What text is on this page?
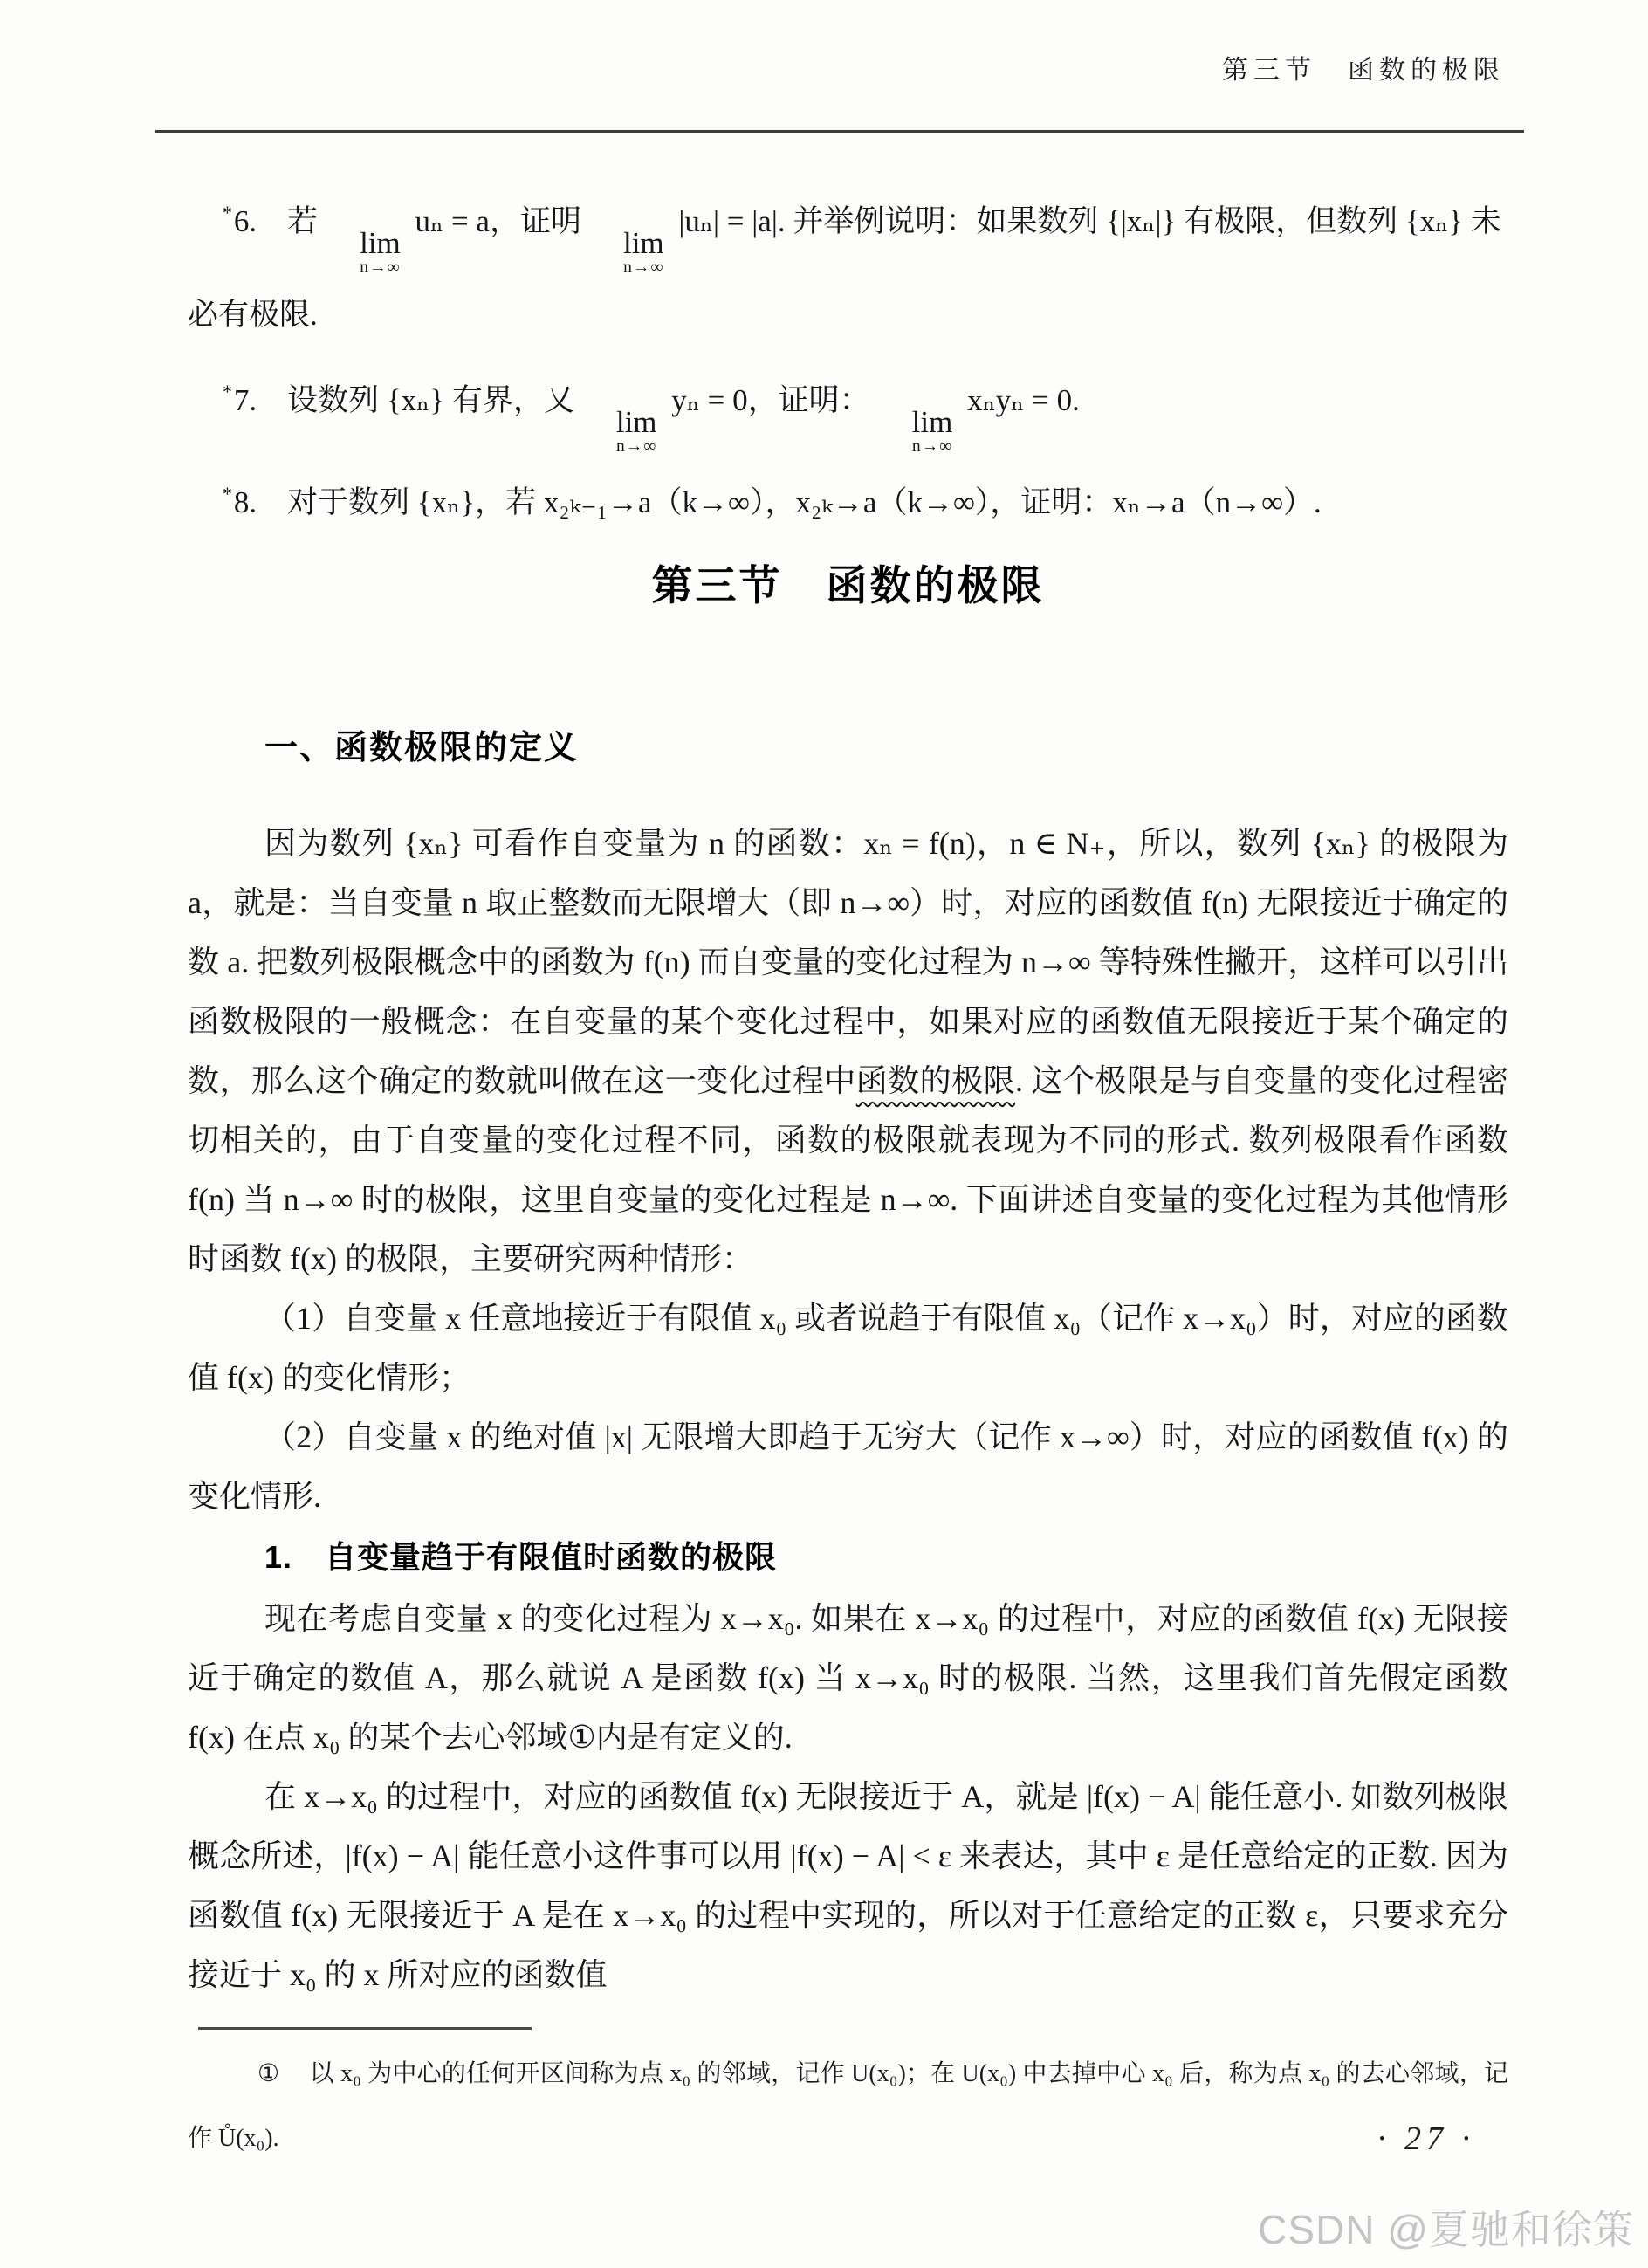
第三节　函数的极限

*6.　若
lim
n→∞
uₙ = a，证明
lim
n→∞
|uₙ| = |a|. 并举例说明：如果数列 {|xₙ|} 有极限，但数列 {xₙ} 未
必有极限.

*7.　设数列 {xₙ} 有界，又
lim
n→∞
yₙ = 0，证明：
lim
n→∞
xₙyₙ = 0.

*8.　对于数列 {xₙ}，若 x₂ₖ₋₁→a（k→∞），x₂ₖ→a（k→∞），证明：xₙ→a（n→∞）.

第三节　函数的极限
一、函数极限的定义

因为数列 {xₙ} 可看作自变量为 n 的函数：xₙ = f(n)，n ∈ N₊，所以，数列 {xₙ} 的极限为 a，就是：当自变量 n 取正整数而无限增大（即 n→∞）时，对应的函数值 f(n) 无限接近于确定的数 a. 把数列极限概念中的函数为 f(n) 而自变量的变化过程为 n→∞ 等特殊性撇开，这样可以引出函数极限的一般概念：在自变量的某个变化过程中，如果对应的函数值无限接近于某个确定的数，那么这个确定的数就叫做在这一变化过程中函数的极限. 这个极限是与自变量的变化过程密切相关的，由于自变量的变化过程不同，函数的极限就表现为不同的形式. 数列极限看作函数 f(n) 当 n→∞ 时的极限，这里自变量的变化过程是 n→∞. 下面讲述自变量的变化过程为其他情形时函数 f(x) 的极限，主要研究两种情形：

（1）自变量 x 任意地接近于有限值 x₀ 或者说趋于有限值 x₀（记作 x→x₀）时，对应的函数值 f(x) 的变化情形；

（2）自变量 x 的绝对值 |x| 无限增大即趋于无穷大（记作 x→∞）时，对应的函数值 f(x) 的变化情形.

1.　自变量趋于有限值时函数的极限

现在考虑自变量 x 的变化过程为 x→x₀. 如果在 x→x₀ 的过程中，对应的函数值 f(x) 无限接近于确定的数值 A，那么就说 A 是函数 f(x) 当 x→x₀ 时的极限. 当然，这里我们首先假定函数 f(x) 在点 x₀ 的某个去心邻域①内是有定义的.

在 x→x₀ 的过程中，对应的函数值 f(x) 无限接近于 A，就是 |f(x) − A| 能任意小. 如数列极限概念所述，|f(x) − A| 能任意小这件事可以用 |f(x) − A| < ε 来表达，其中 ε 是任意给定的正数. 因为函数值 f(x) 无限接近于 A 是在 x→x₀ 的过程中实现的，所以对于任意给定的正数 ε，只要求充分接近于 x₀ 的 x 所对应的函数值

①　以 x₀ 为中心的任何开区间称为点 x₀ 的邻域，记作 U(x₀)；在 U(x₀) 中去掉中心 x₀ 后，称为点 x₀ 的去心邻域，记作 Ů(x₀).	· 27 ·
CSDN @夏驰和徐策
